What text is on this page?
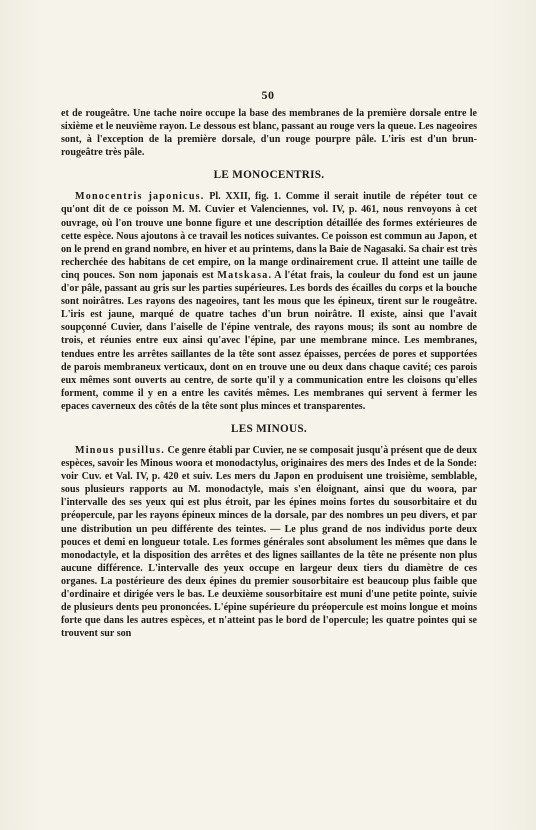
50

et de rougeâtre. Une tache noire occupe la base des membranes de la première dorsale entre le sixième et le neuvième rayon. Le dessous est blanc, passant au rouge vers la queue. Les nageoires sont, à l'exception de la première dorsale, d'un rouge pourpre pâle. L'iris est d'un brun-rougeâtre très pâle.

LE MONOCENTRIS.

Monocentris japonicus. Pl. XXII, fig. 1. Comme il serait inutile de répéter tout ce qu'ont dit de ce poisson M. M. Cuvier et Valenciennes, vol. IV, p. 461, nous renvoyons à cet ouvrage, où l'on trouve une bonne figure et une description détaillée des formes extérieures de cette espèce. Nous ajoutons à ce travail les notices suivantes. Ce poisson est commun au Japon, et on le prend en grand nombre, en hiver et au printems, dans la Baie de Nagasaki. Sa chair est très recherchée des habitans de cet empire, on la mange ordinairement crue. Il atteint une taille de cinq pouces. Son nom japonais est Matskasa. A l'état frais, la couleur du fond est un jaune d'or pâle, passant au gris sur les parties supérieures. Les bords des écailles du corps et la bouche sont noirâtres. Les rayons des nageoires, tant les mous que les épineux, tirent sur le rougeâtre. L'iris est jaune, marqué de quatre taches d'un brun noirâtre. Il existe, ainsi que l'avait soupçonné Cuvier, dans l'aiselle de l'épine ventrale, des rayons mous; ils sont au nombre de trois, et réunies entre eux ainsi qu'avec l'épine, par une membrane mince. Les membranes, tendues entre les arrêtes saillantes de la tête sont assez épaisses, percées de pores et supportées de parois membraneux verticaux, dont on en trouve une ou deux dans chaque cavité; ces parois eux mêmes sont ouverts au centre, de sorte qu'il y a communication entre les cloisons qu'elles forment, comme il y en a entre les cavités mêmes. Les membranes qui servent à fermer les epaces caverneux des côtés de la tête sont plus minces et transparentes.

LES MINOUS.

Minous pusillus. Ce genre établi par Cuvier, ne se composait jusqu'à présent que de deux espèces, savoir les Minous woora et monodactylus, originaires des mers des Indes et de la Sonde: voir Cuv. et Val. IV, p. 420 et suiv. Les mers du Japon en produisent une troisième, semblable, sous plusieurs rapports au M. monodactyle, mais s'en éloignant, ainsi que du woora, par l'intervalle des ses yeux qui est plus étroit, par les épines moins fortes du sousorbitaire et du préopercule, par les rayons épineux minces de la dorsale, par des nombres un peu divers, et par une distribution un peu différente des teintes. — Le plus grand de nos individus porte deux pouces et demi en longueur totale. Les formes générales sont absolument les mêmes que dans le monodactyle, et la disposition des arrêtes et des lignes saillantes de la tête ne présente non plus aucune différence. L'intervalle des yeux occupe en largeur deux tiers du diamètre de ces organes. La postérieure des deux épines du premier sousorbitaire est beaucoup plus faible que d'ordinaire et dirigée vers le bas. Le deuxième sousorbitaire est muni d'une petite pointe, suivie de plusieurs dents peu prononcées. L'épine supérieure du préopercule est moins longue et moins forte que dans les autres espèces, et n'atteint pas le bord de l'opercule; les quatre pointes qui se trouvent sur son
